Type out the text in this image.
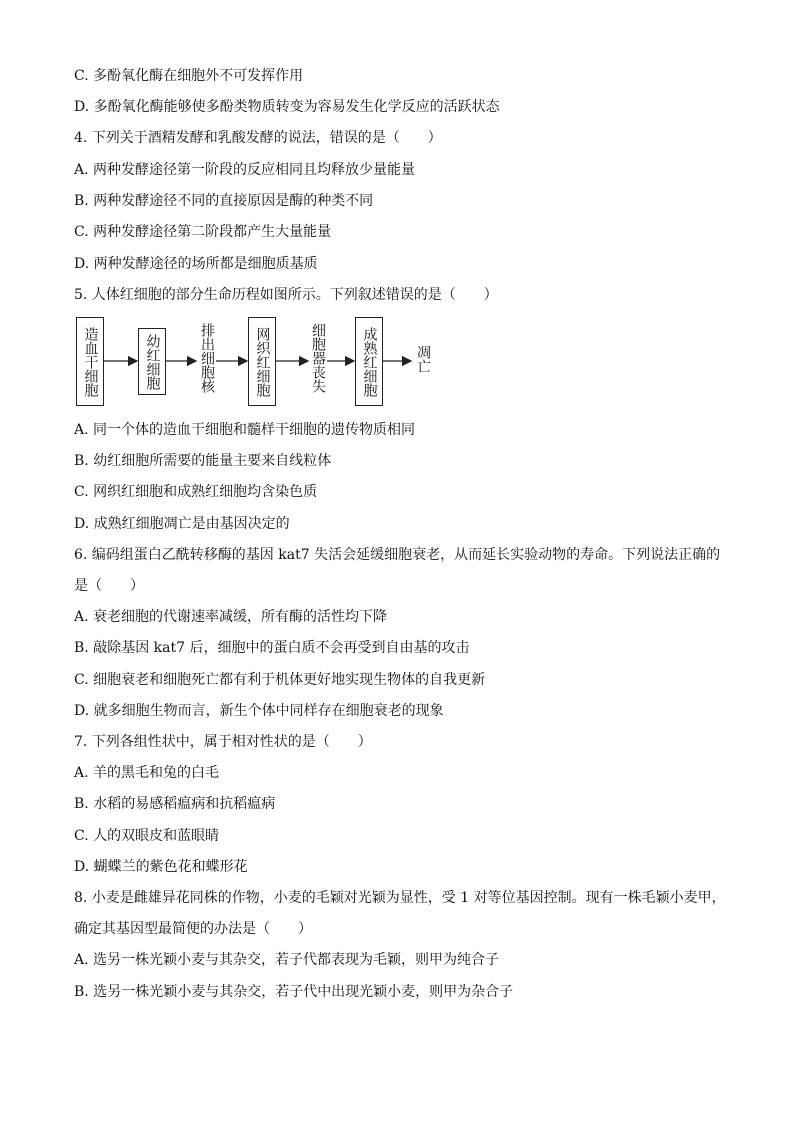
C. 多酚氧化酶在细胞外不可发挥作用
D. 多酚氧化酶能够使多酚类物质转变为容易发生化学反应的活跃状态
4. 下列关于酒精发酵和乳酸发酵的说法，错误的是（　　）
A. 两种发酵途径第一阶段的反应相同且均释放少量能量
B. 两种发酵途径不同的直接原因是酶的种类不同
C. 两种发酵途径第二阶段都产生大量能量
D. 两种发酵途径的场所都是细胞质基质
5. 人体红细胞的部分生命历程如图所示。下列叙述错误的是（　　）
造血干细胞	幼红细胞	排出细胞核	网织红细胞	细胞器丧失	成熟红细胞	凋亡
A. 同一个体的造血干细胞和髓样干细胞的遗传物质相同
B. 幼红细胞所需要的能量主要来自线粒体
C. 网织红细胞和成熟红细胞均含染色质
D. 成熟红细胞凋亡是由基因决定的
6. 编码组蛋白乙酰转移酶的基因 kat7 失活会延缓细胞衰老，从而延长实验动物的寿命。下列说法正确的
是（　　）
A. 衰老细胞的代谢速率减缓，所有酶的活性均下降
B. 敲除基因 kat7 后，细胞中的蛋白质不会再受到自由基的攻击
C. 细胞衰老和细胞死亡都有利于机体更好地实现生物体的自我更新
D. 就多细胞生物而言，新生个体中同样存在细胞衰老的现象
7. 下列各组性状中，属于相对性状的是（　　）
A. 羊的黑毛和兔的白毛
B. 水稻的易感稻瘟病和抗稻瘟病
C. 人的双眼皮和蓝眼睛
D. 蝴蝶兰的紫色花和蝶形花
8. 小麦是雌雄异花同株的作物，小麦的毛颖对光颖为显性，受 1 对等位基因控制。现有一株毛颖小麦甲，
确定其基因型最简便的办法是（　　）
A. 选另一株光颖小麦与其杂交，若子代都表现为毛颖，则甲为纯合子
B. 选另一株光颖小麦与其杂交，若子代中出现光颖小麦，则甲为杂合子
